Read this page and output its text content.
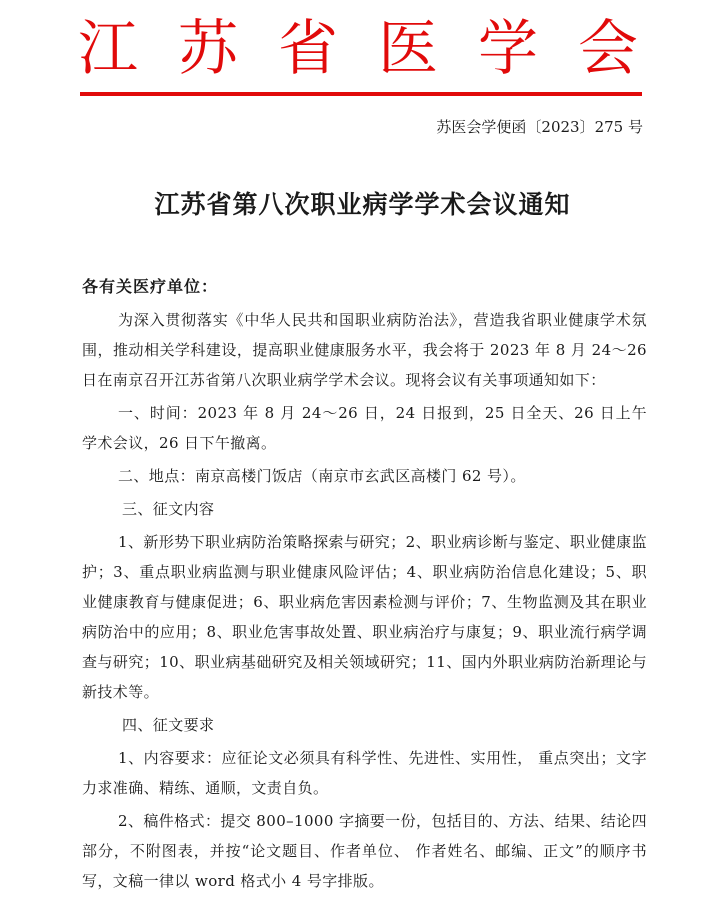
江 苏 省 医 学 会
苏医会学便函〔2023〕275 号
江苏省第八次职业病学学术会议通知
各有关医疗单位：

为深入贯彻落实《中华人民共和国职业病防治法》，营造我省职业健康学术氛围，推动相关学科建设，提高职业健康服务水平，我会将于 2023 年 8 月 24～26 日在南京召开江苏省第八次职业病学学术会议。现将会议有关事项通知如下：

一、时间：2023 年 8 月 24～26 日，24 日报到，25 日全天、26 日上午学术会议，26 日下午撤离。

二、地点：南京高楼门饭店（南京市玄武区高楼门 62 号）。

三、征文内容

1、新形势下职业病防治策略探索与研究；2、职业病诊断与鉴定、职业健康监护；3、重点职业病监测与职业健康风险评估；4、职业病防治信息化建设；5、职业健康教育与健康促进；6、职业病危害因素检测与评价；7、生物监测及其在职业病防治中的应用；8、职业危害事故处置、职业病治疗与康复；9、职业流行病学调查与研究；10、职业病基础研究及相关领域研究；11、国内外职业病防治新理论与新技术等。

四、征文要求

1、内容要求：应征论文必须具有科学性、先进性、实用性， 重点突出；文字力求准确、精练、通顺，文责自负。

2、稿件格式：提交 800–1000 字摘要一份，包括目的、方法、结果、结论四部分，不附图表，并按“论文题目、作者单位、 作者姓名、邮编、正文”的顺序书写，文稿一律以 word 格式小 4 号字排版。
